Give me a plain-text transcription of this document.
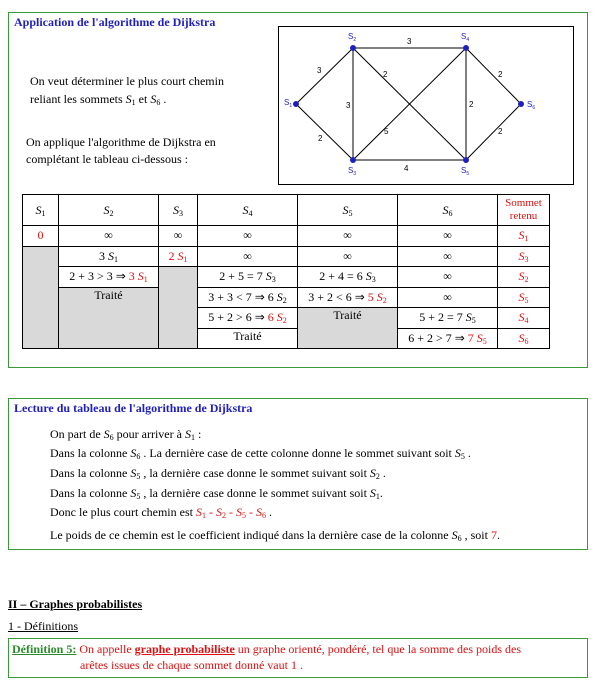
Application de l'algorithme de Dijkstra
On veut déterminer le plus court chemin
reliant les sommets $S_1$ et $S_6$ .
On applique l'algorithme de Dijkstra en
complétant le tableau ci-dessous :
$S_1$
$S_2$
$S_3$
$S_4$
$S_5$
$S_6$
3
2
3
3
2
5
4
2
2
2
$S_1$	$S_2$	$S_3$	$S_4$	$S_5$	$S_6$	Sommet
retenu
0	∞	∞	∞	∞	∞	$S_1$
	3 $S_1$	2 $S_1$	∞	∞	∞	$S_3$
	2 + 3 > 3 ⇒ 3 $S_1$		2 + 5 = 7 $S_3$	2 + 4 = 6 $S_3$	∞	$S_2$
	Traité		3 + 3 < 7 ⇒ 6 $S_2$	3 + 2 < 6 ⇒ 5 $S_2$	∞	$S_5$
			5 + 2 > 6 ⇒ 6 $S_2$	Traité	5 + 2 = 7 $S_5$	$S_4$
			Traité		6 + 2 > 7 ⇒ 7 $S_5$	$S_6$
Lecture du tableau de l'algorithme de Dijkstra
On part de $S_6$ pour arriver à $S_1$ :
Dans la colonne $S_6$ . La dernière case de cette colonne donne le sommet suivant soit $S_5$ .
Dans la colonne $S_5$ , la dernière case donne le sommet suivant soit $S_2$ .
Dans la colonne $S_5$ , la dernière case donne le sommet suivant soit $S_1$.
Donc le plus court chemin est $S_1 - S_2 - S_5 - S_6$ .
Le poids de ce chemin est le coefficient indiqué dans la dernière case de la colonne $S_6$ , soit 7.
II – Graphes probabilistes
1 - Définitions
Définition 5: On appelle graphe probabiliste un graphe orienté, pondéré, tel que la somme des poids des
arêtes issues de chaque sommet donné vaut 1 .
